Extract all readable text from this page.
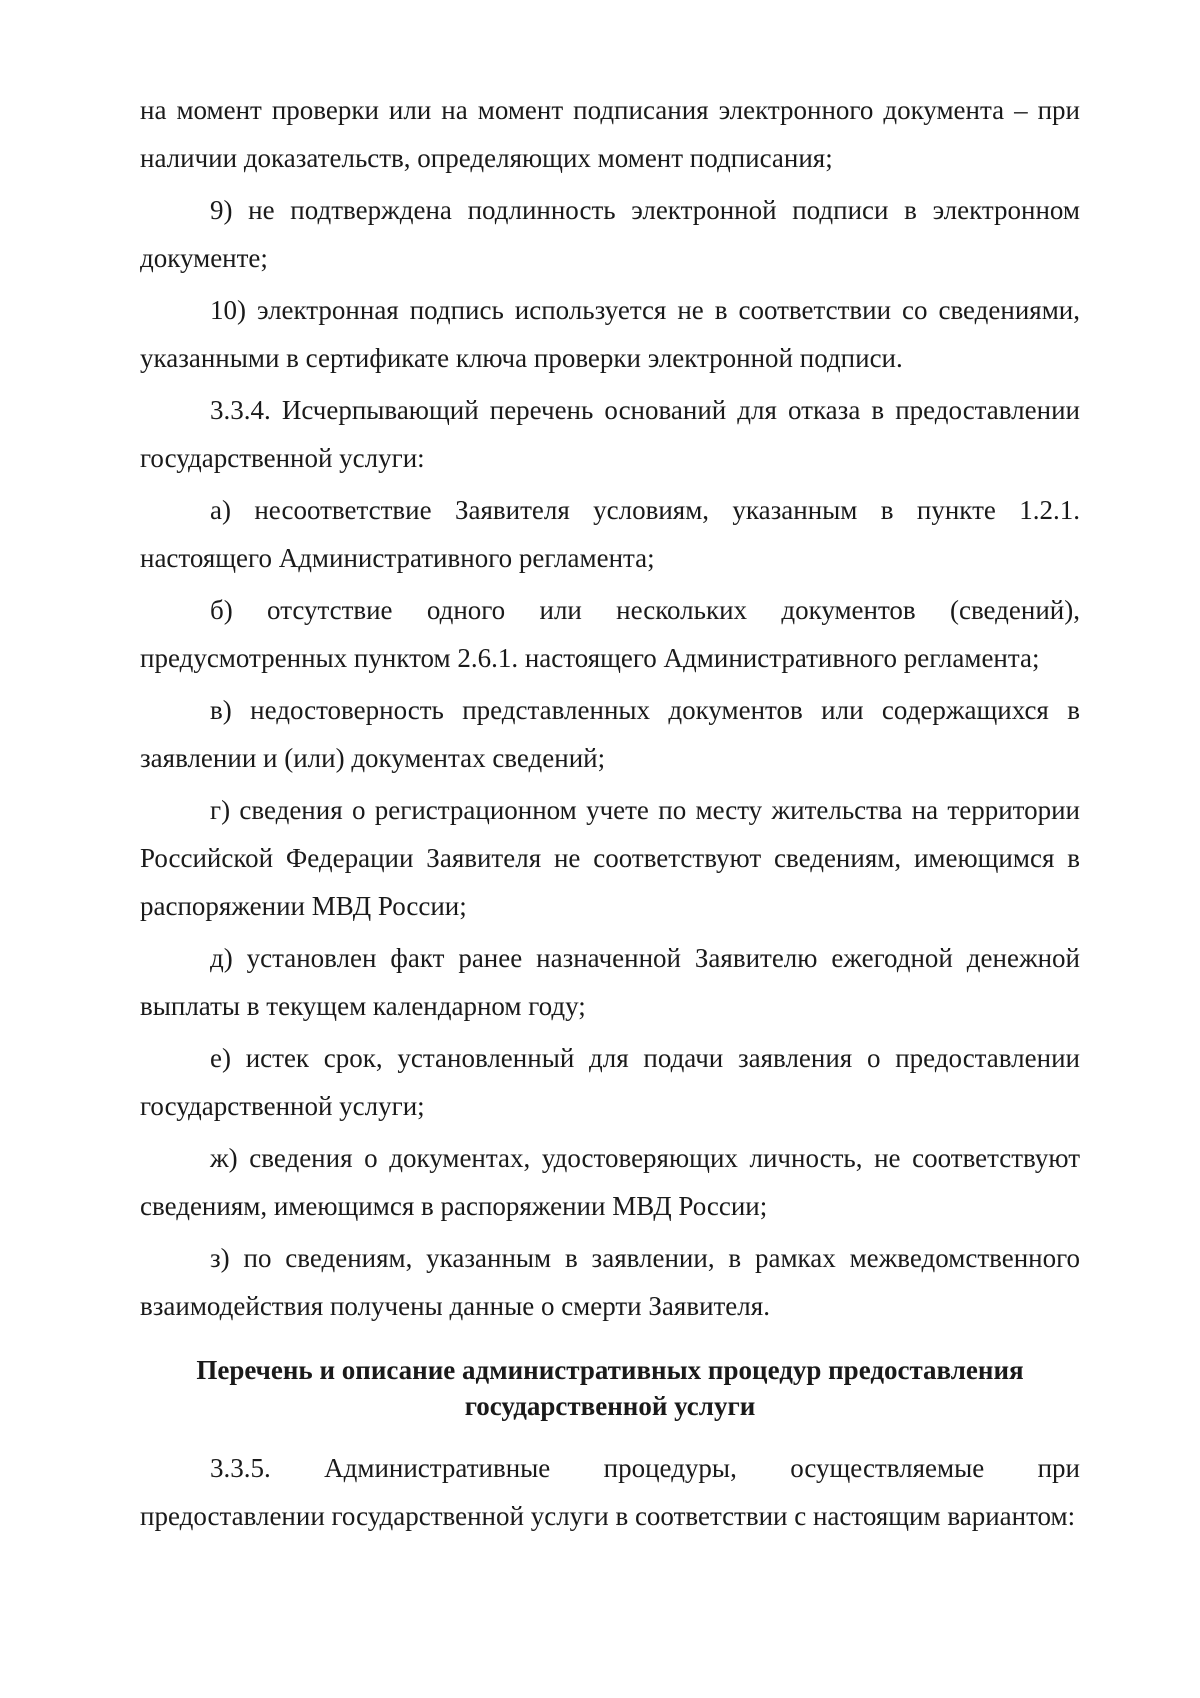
на момент проверки или на момент подписания электронного документа – при наличии доказательств, определяющих момент подписания;

9) не подтверждена подлинность электронной подписи в электронном документе;

10) электронная подпись используется не в соответствии со сведениями, указанными в сертификате ключа проверки электронной подписи.

3.3.4. Исчерпывающий перечень оснований для отказа в предоставлении государственной услуги:

а) несоответствие Заявителя условиям, указанным в пункте 1.2.1. настоящего Административного регламента;

б) отсутствие одного или нескольких документов (сведений), предусмотренных пунктом 2.6.1. настоящего Административного регламента;

в) недостоверность представленных документов или содержащихся в заявлении и (или) документах сведений;

г) сведения о регистрационном учете по месту жительства на территории Российской Федерации Заявителя не соответствуют сведениям, имеющимся в распоряжении МВД России;

д) установлен факт ранее назначенной Заявителю ежегодной денежной выплаты в текущем календарном году;

е) истек срок, установленный для подачи заявления о предоставлении государственной услуги;

ж) сведения о документах, удостоверяющих личность, не соответствуют сведениям, имеющимся в распоряжении МВД России;

з) по сведениям, указанным в заявлении, в рамках межведомственного взаимодействия получены данные о смерти Заявителя.

Перечень и описание административных процедур предоставления
государственной услуги

3.3.5. Административные процедуры, осуществляемые при предоставлении государственной услуги в соответствии с настоящим вариантом:
